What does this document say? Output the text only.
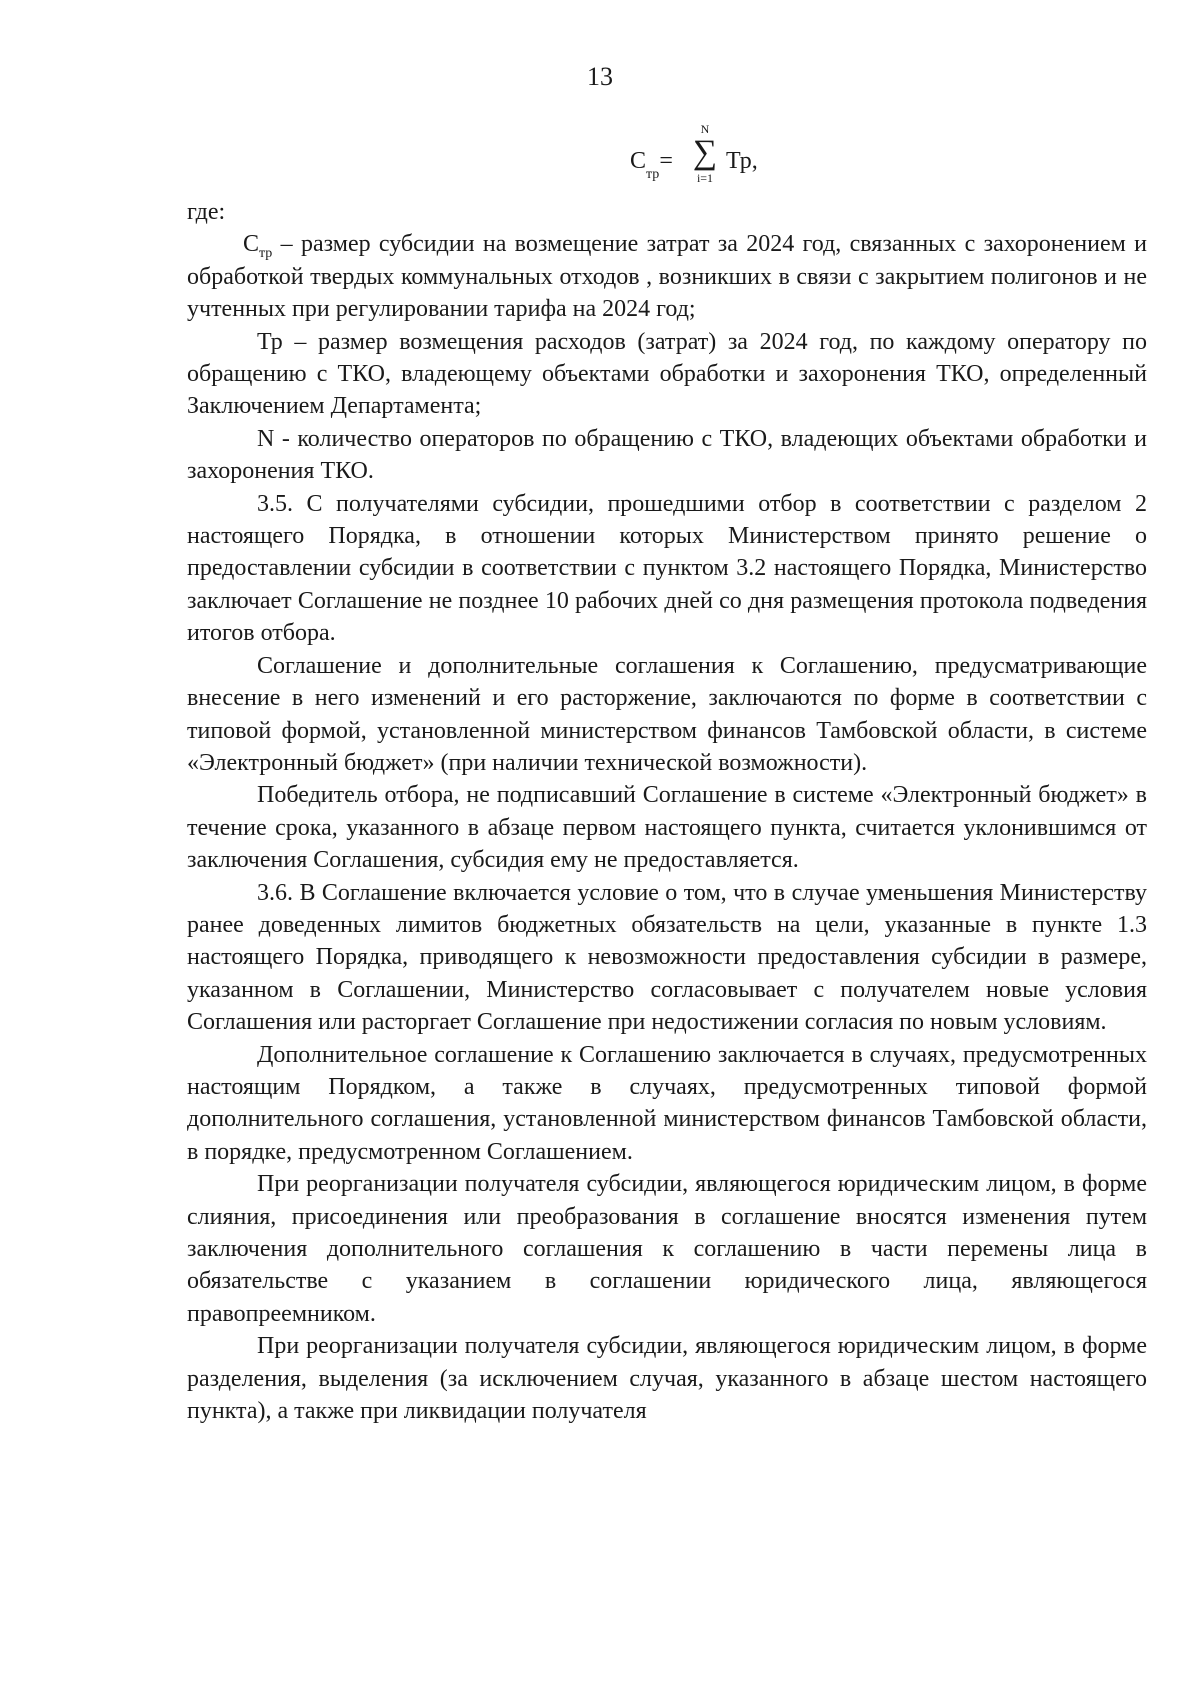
13
$С_{тр}=$
N
∑
i=1
Тр,

где:

$С_{тр}$ – размер субсидии на возмещение затрат за 2024 год, связанных с захоронением и обработкой твердых коммунальных отходов , возникших в связи с закрытием полигонов и не учтенных при регулировании тарифа на 2024 год;

Тр – размер возмещения расходов (затрат) за 2024 год, по каждому оператору по обращению с ТКО, владеющему объектами обработки и захоронения ТКО, определенный Заключением Департамента;

N - количество операторов по обращению с ТКО, владеющих объектами обработки и захоронения ТКО.

3.5. С получателями субсидии, прошедшими отбор в соответствии с разделом 2 настоящего Порядка, в отношении которых Министерством принято решение о предоставлении субсидии в соответствии с пунктом 3.2 настоящего Порядка, Министерство заключает Соглашение не позднее 10 рабочих дней со дня размещения протокола подведения итогов отбора.

Соглашение и дополнительные соглашения к Соглашению, предусматривающие внесение в него изменений и его расторжение, заключаются по форме в соответствии с типовой формой, установленной министерством финансов Тамбовской области, в системе «Электронный бюджет» (при наличии технической возможности).

Победитель отбора, не подписавший Соглашение в системе «Электронный бюджет» в течение срока, указанного в абзаце первом настоящего пункта, считается уклонившимся от заключения Соглашения, субсидия ему не предоставляется.

3.6. В Соглашение включается условие о том, что в случае уменьшения Министерству ранее доведенных лимитов бюджетных обязательств на цели, указанные в пункте 1.3 настоящего Порядка, приводящего к невозможности предоставления субсидии в размере, указанном в Соглашении, Министерство согласовывает с получателем новые условия Соглашения или расторгает Соглашение при недостижении согласия по новым условиям.

Дополнительное соглашение к Соглашению заключается в случаях, предусмотренных настоящим Порядком, а также в случаях, предусмотренных типовой формой дополнительного соглашения, установленной министерством финансов Тамбовской области, в порядке, предусмотренном Соглашением.

При реорганизации получателя субсидии, являющегося юридическим лицом, в форме слияния, присоединения или преобразования в соглашение вносятся изменения путем заключения дополнительного соглашения к соглашению в части перемены лица в обязательстве с указанием в соглашении юридического лица, являющегося правопреемником.

При реорганизации получателя субсидии, являющегося юридическим лицом, в форме разделения, выделения (за исключением случая, указанного в абзаце шестом настоящего пункта), а также при ликвидации получателя
